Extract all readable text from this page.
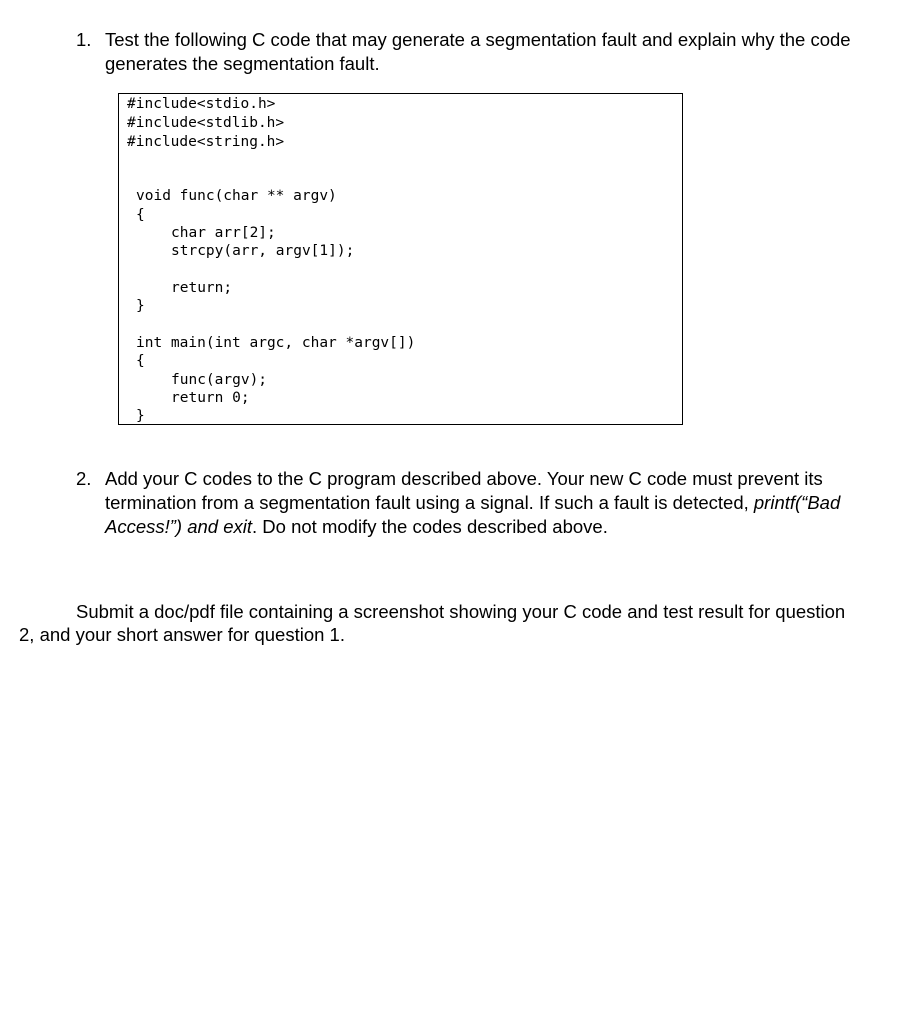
1. Test the following C code that may generate a segmentation fault and explain why the code
generates the segmentation fault.
#include<stdio.h>
#include<stdlib.h>
#include<string.h>
void func(char ** argv)
{
char arr[2];
strcpy(arr, argv[1]);
return;
}
int main(int argc, char *argv[])
{
func(argv);
return 0;
}
2. Add your C codes to the C program described above. Your new C code must prevent its
termination from a segmentation fault using a signal. If such a fault is detected, printf(“Bad
Access!”) and exit. Do not modify the codes described above.
Submit a doc/pdf file containing a screenshot showing your C code and test result for question
2, and your short answer for question 1.
